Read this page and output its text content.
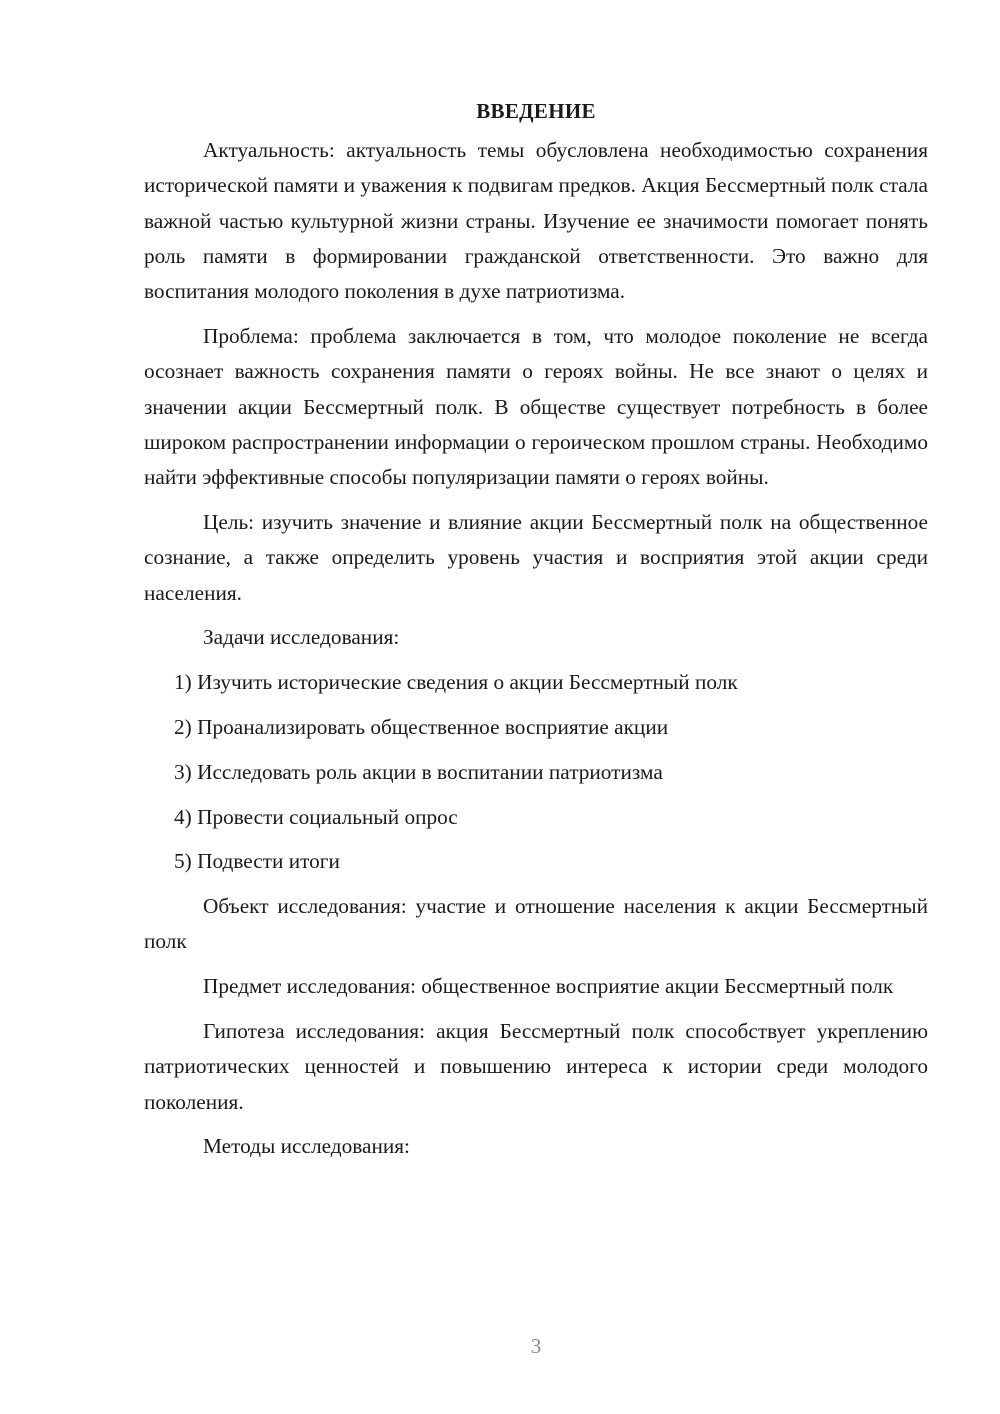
ВВЕДЕНИЕ

Актуальность: актуальность темы обусловлена необходимостью сохранения исторической памяти и уважения к подвигам предков. Акция Бессмертный полк стала важной частью культурной жизни страны. Изучение ее значимости помогает понять роль памяти в формировании гражданской ответственности. Это важно для воспитания молодого поколения в духе патриотизма.

Проблема: проблема заключается в том, что молодое поколение не всегда осознает важность сохранения памяти о героях войны. Не все знают о целях и значении акции Бессмертный полк. В обществе существует потребность в более широком распространении информации о героическом прошлом страны. Необходимо найти эффективные способы популяризации памяти о героях войны.

Цель: изучить значение и влияние акции Бессмертный полк на общественное сознание, а также определить уровень участия и восприятия этой акции среди населения.

Задачи исследования:

1) Изучить исторические сведения о акции Бессмертный полк
2) Проанализировать общественное восприятие акции
3) Исследовать роль акции в воспитании патриотизма
4) Провести социальный опрос
5) Подвести итоги

Объект исследования: участие и отношение населения к акции Бессмертный полк

Предмет исследования: общественное восприятие акции Бессмертный полк

Гипотеза исследования: акция Бессмертный полк способствует укреплению патриотических ценностей и повышению интереса к истории среди молодого поколения.

Методы исследования:

3
